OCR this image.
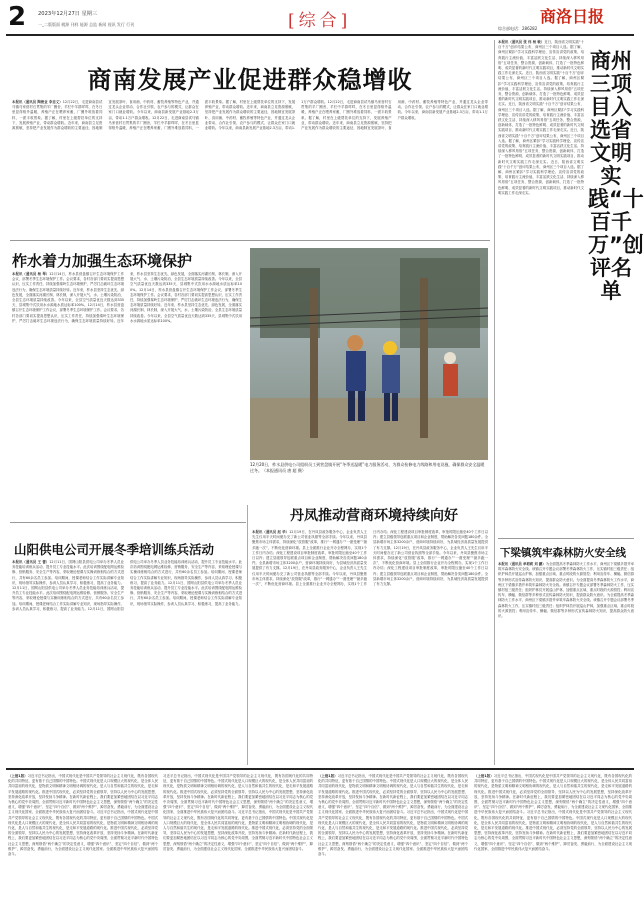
2 2023年12月27日 星期三
一_二版版面 桃源 刊样 能源 总监 新闻 视讯 发行 行刊	[综合]	商洛日报
综合部电话：286282
商南发展产业促进群众稳增收
本报讯（通讯员 陶俊业 李忠义）12月22日，走进商南县试马镇马家营村石贯集的羊厂圈舍，羊栏中羊群咩咩，在冬日里显得格外温暖，养殖户正在喂养家畜，厂圈外堆放着饲料，一派丰收景象。据了解，村里在上级帮扶单位的支持下，发展养殖产业，带动群众增收。近年来，商南县立足资源禀赋，坚持把产业发展作为群众增收的主要途径，因地制宜发展茶叶、食用菌、中药材、畜牧养殖等特色产业，并通过龙头企业带动、合作社引领、农户参与的模式，让群众在家门口就业增收。今年以来，商南县新发展产业基地2.3万亩，带动1.1万户群众增收。12月22日，走进商南县试马镇马家营村石贯集的羊厂圈舍，羊栏中羊群咩咩，在冬日里显得格外温暖，养殖户正在喂养家畜，厂圈外堆放着饲料，一派丰收景象。据了解，村里在上级帮扶单位的支持下，发展养殖产业，带动群众增收。近年来，商南县立足资源禀赋，坚持把产业发展作为群众增收的主要途径，因地制宜发展茶叶、食用菌、中药材、畜牧养殖等特色产业，并通过龙头企业带动、合作社引领、农户参与的模式，让群众在家门口就业增收。今年以来，商南县新发展产业基地2.3万亩，带动1.1万户群众增收。12月22日，走进商南县试马镇马家营村石贯集的羊厂圈舍，羊栏中羊群咩咩，在冬日里显得格外温暖，养殖户正在喂养家畜，厂圈外堆放着饲料，一派丰收景象。据了解，村里在上级帮扶单位的支持下，发展养殖产业，带动群众增收。近年来，商南县立足资源禀赋，坚持把产业发展作为群众增收的主要途径，因地制宜发展茶叶、食用菌、中药材、畜牧养殖等特色产业，并通过龙头企业带动、合作社引领、农户参与的模式，让群众在家门口就业增收。今年以来，商南县新发展产业基地2.3万亩，带动1.1万户群众增收。
本报讯（通讯员 张 伟 杨 敏）近日，陕西省文明实践“十百千万”创评结果公布，商州区三个项目入选。据了解，商州区紧扣“学习实践科学理论、宣传宣讲党的政策、培育践行主流价值、丰富活跃文化生活、持续深入移风易俗”五项任务，整合资源，创新载体，打造了一批特色鲜明、成效显著的新时代文明实践项目，推动新时代文明实践工作走深走实。近日，陕西省文明实践“十百千万”创评结果公布，商州区三个项目入选。据了解，商州区紧扣“学习实践科学理论、宣传宣讲党的政策、培育践行主流价值、丰富活跃文化生活、持续深入移风易俗”五项任务，整合资源，创新载体，打造了一批特色鲜明、成效显著的新时代文明实践项目，推动新时代文明实践工作走深走实。近日，陕西省文明实践“十百千万”创评结果公布，商州区三个项目入选。据了解，商州区紧扣“学习实践科学理论、宣传宣讲党的政策、培育践行主流价值、丰富活跃文化生活、持续深入移风易俗”五项任务，整合资源，创新载体，打造了一批特色鲜明、成效显著的新时代文明实践项目，推动新时代文明实践工作走深走实。近日，陕西省文明实践“十百千万”创评结果公布，商州区三个项目入选。据了解，商州区紧扣“学习实践科学理论、宣传宣讲党的政策、培育践行主流价值、丰富活跃文化生活、持续深入移风易俗”五项任务，整合资源，创新载体，打造了一批特色鲜明、成效显著的新时代文明实践项目，推动新时代文明实践工作走深走实。近日，陕西省文明实践“十百千万”创评结果公布，商州区三个项目入选。据了解，商州区紧扣“学习实践科学理论、宣传宣讲党的政策、培育践行主流价值、丰富活跃文化生活、持续深入移风易俗”五项任务，整合资源，创新载体，打造了一批特色鲜明、成效显著的新时代文明实践项目，推动新时代文明实践工作走深走实。
商州三项目入选省文明实践“十百千万”创评名单
柞水着力加强生态环境保护
本报讯（通讯员 杨 琴）12月14日，柞水县营盘镇召开生态环境保护工作会议，部署冬季生态环境保护工作。会议要求，各村各部门要切实提高思想认识，压实工作责任，持续加强秦岭生态环境保护，严厉打击破坏生态环境违法行为，确保生态环境质量持续好转。近年来，柞水县坚持生态优先、绿色发展，全面落实河湖长制、林长制，深入开展大气、水、土壤污染防治，全县生态环境质量持续改善。今年以来，全县空气质量优良天数达到335天，县城集中式饮用水水源地水质达标率100%。12月14日，柞水县营盘镇召开生态环境保护工作会议，部署冬季生态环境保护工作。会议要求，各村各部门要切实提高思想认识，压实工作责任，持续加强秦岭生态环境保护，严厉打击破坏生态环境违法行为，确保生态环境质量持续好转。近年来，柞水县坚持生态优先、绿色发展，全面落实河湖长制、林长制，深入开展大气、水、土壤污染防治，全县生态环境质量持续改善。今年以来，全县空气质量优良天数达到335天，县城集中式饮用水水源地水质达标率100%。12月14日，柞水县营盘镇召开生态环境保护工作会议，部署冬季生态环境保护工作。会议要求，各村各部门要切实提高思想认识，压实工作责任，持续加强秦岭生态环境保护，严厉打击破坏生态环境违法行为，确保生态环境质量持续好转。近年来，柞水县坚持生态优先、绿色发展，全面落实河湖长制、林长制，深入开展大气、水、土壤污染防治，全县生态环境质量持续改善。今年以来，全县空气质量优良天数达到335天，县城集中式饮用水水源地水质达标率100%。
12月20日，柞水县供电公司组织员工到营盘镇开展“冬季送温暖”电力服务活动，为群众检修电力线路和用电设施，确保群众安全温暖过冬。（本报通讯员 唐 超 摄）
山阳供电公司开展冬季培训练兵活动
本报讯（通讯员 王 蕾）12月11日，国网山阳县供电公司举办冬季人员业务技能培训练兵活动，提升员工专业技能水平。此次培训围绕配电网运维检修、营销服务、安全生产等内容，采取理论授课与实操训练相结合的方式进行，共有60余名员工参加。培训期间，授课老师结合工作实际讲解专业知识，现场指导实际操作，参训人员认真学习、积极练习，提高了业务能力。12月11日，国网山阳县供电公司举办冬季人员业务技能培训练兵活动，提升员工专业技能水平。此次培训围绕配电网运维检修、营销服务、安全生产等内容，采取理论授课与实操训练相结合的方式进行，共有60余名员工参加。培训期间，授课老师结合工作实际讲解专业知识，现场指导实际操作，参训人员认真学习、积极练习，提高了业务能力。12月11日，国网山阳县供电公司举办冬季人员业务技能培训练兵活动，提升员工专业技能水平。此次培训围绕配电网运维检修、营销服务、安全生产等内容，采取理论授课与实操训练相结合的方式进行，共有60余名员工参加。培训期间，授课老师结合工作实际讲解专业知识，现场指导实际操作，参训人员认真学习、积极练习，提高了业务能力。12月11日，国网山阳县供电公司举办冬季人员业务技能培训练兵活动，提升员工专业技能水平。此次培训围绕配电网运维检修、营销服务、安全生产等内容，采取理论授课与实操训练相结合的方式进行，共有60余名员工参加。培训期间，授课老师结合工作实际讲解专业知识，现场指导实际操作，参训人员认真学习、积极练习，提高了业务能力。
丹凤推动营商环境持续向好
本报讯（通讯员 赵 华）12月19日，在丹凤县政务服务中心，企业负责人王先生仅用半天时间便办完了新公司营业执照等全部手续。今年以来，丹凤县聚焦市场主体需求，持续深化“放管服”改革，推行“一网通办”“一窗受理”“最多跑一次”，不断优化营商环境。县上全面推行企业开办全程网办，实现1个工作日内办结；深化工程建设项目审批制度改革，审批时限压缩至40个工作日以内；建立县级领导包联重点项目和企业制度，帮助解决各类问题180余件。全县新增市场主体3200余户，营商环境持续向好，为县域经济高质量发展提供了有力支撑。12月19日，在丹凤县政务服务中心，企业负责人王先生仅用半天时间便办完了新公司营业执照等全部手续。今年以来，丹凤县聚焦市场主体需求，持续深化“放管服”改革，推行“一网通办”“一窗受理”“最多跑一次”，不断优化营商环境。县上全面推行企业开办全程网办，实现1个工作日内办结；深化工程建设项目审批制度改革，审批时限压缩至40个工作日以内；建立县级领导包联重点项目和企业制度，帮助解决各类问题180余件。全县新增市场主体3200余户，营商环境持续向好，为县域经济高质量发展提供了有力支撑。12月19日，在丹凤县政务服务中心，企业负责人王先生仅用半天时间便办完了新公司营业执照等全部手续。今年以来，丹凤县聚焦市场主体需求，持续深化“放管服”改革，推行“一网通办”“一窗受理”“最多跑一次”，不断优化营商环境。县上全面推行企业开办全程网办，实现1个工作日内办结；深化工程建设项目审批制度改革，审批时限压缩至40个工作日以内；建立县级领导包联重点项目和企业制度，帮助解决各类问题180余件。全县新增市场主体3200余户，营商环境持续向好，为县域经济高质量发展提供了有力支撑。
下梁镇筑牢森林防火安全线
本报讯（通讯员 单莉莉 刘 鹏）为全面提高冬季森林防火工作水平，商州区下梁镇多措并举筑牢森林防火安全线。该镇召开专题会议部署冬季森林防火工作，压实镇村组三级责任；组织护林员开展巡山护林，加强重点区域、重点时段的火源管控；利用宣传车、横幅、微信群等多种形式宣传森林防火知识，提高群众防火意识。为全面提高冬季森林防火工作水平，商州区下梁镇多措并举筑牢森林防火安全线。该镇召开专题会议部署冬季森林防火工作，压实镇村组三级责任；组织护林员开展巡山护林，加强重点区域、重点时段的火源管控；利用宣传车、横幅、微信群等多种形式宣传森林防火知识，提高群众防火意识。为全面提高冬季森林防火工作水平，商州区下梁镇多措并举筑牢森林防火安全线。该镇召开专题会议部署冬季森林防火工作，压实镇村组三级责任；组织护林员开展巡山护林，加强重点区域、重点时段的火源管控；利用宣传车、横幅、微信群等多种形式宣传森林防火知识，提高群众防火意识。
（上接1版）习近平总书记指出，中国式现代化是中国共产党领导的社会主义现代化，既有各国现代化的共同特征，更有基于自己国情的中国特色。中国式现代化是人口规模巨大的现代化，是全体人民共同富裕的现代化，是物质文明和精神文明相协调的现代化，是人与自然和谐共生的现代化，是走和平发展道路的现代化。推进中国式现代化，必须坚持党的全面领导，坚持以人民为中心的发展思想，坚持深化改革开放，坚持发扬斗争精神。在新时代新征程上，我们要更加紧密地团结在以习近平同志为核心的党中央周围，全面贯彻习近平新时代中国特色社会主义思想，深刻领悟“两个确立”的决定性意义，增强“四个意识”、坚定“四个自信”、做到“两个维护”，踔厉奋发、勇毅前行，为全面建设社会主义现代化国家、全面推进中华民族伟大复兴而团结奋斗。习近平总书记指出，中国式现代化是中国共产党领导的社会主义现代化，既有各国现代化的共同特征，更有基于自己国情的中国特色。中国式现代化是人口规模巨大的现代化，是全体人民共同富裕的现代化，是物质文明和精神文明相协调的现代化，是人与自然和谐共生的现代化，是走和平发展道路的现代化。推进中国式现代化，必须坚持党的全面领导，坚持以人民为中心的发展思想，坚持深化改革开放，坚持发扬斗争精神。在新时代新征程上，我们要更加紧密地团结在以习近平同志为核心的党中央周围，全面贯彻习近平新时代中国特色社会主义思想，深刻领悟“两个确立”的决定性意义，增强“四个意识”、坚定“四个自信”、做到“两个维护”，踔厉奋发、勇毅前行，为全面建设社会主义现代化国家、全面推进中华民族伟大复兴而团结奋斗。
习近平总书记指出，中国式现代化是中国共产党领导的社会主义现代化，既有各国现代化的共同特征，更有基于自己国情的中国特色。中国式现代化是人口规模巨大的现代化，是全体人民共同富裕的现代化，是物质文明和精神文明相协调的现代化，是人与自然和谐共生的现代化，是走和平发展道路的现代化。推进中国式现代化，必须坚持党的全面领导，坚持以人民为中心的发展思想，坚持深化改革开放，坚持发扬斗争精神。在新时代新征程上，我们要更加紧密地团结在以习近平同志为核心的党中央周围，全面贯彻习近平新时代中国特色社会主义思想，深刻领悟“两个确立”的决定性意义，增强“四个意识”、坚定“四个自信”、做到“两个维护”，踔厉奋发、勇毅前行，为全面建设社会主义现代化国家、全面推进中华民族伟大复兴而团结奋斗。习近平总书记指出，中国式现代化是中国共产党领导的社会主义现代化，既有各国现代化的共同特征，更有基于自己国情的中国特色。中国式现代化是人口规模巨大的现代化，是全体人民共同富裕的现代化，是物质文明和精神文明相协调的现代化，是人与自然和谐共生的现代化，是走和平发展道路的现代化。推进中国式现代化，必须坚持党的全面领导，坚持以人民为中心的发展思想，坚持深化改革开放，坚持发扬斗争精神。在新时代新征程上，我们要更加紧密地团结在以习近平同志为核心的党中央周围，全面贯彻习近平新时代中国特色社会主义思想，深刻领悟“两个确立”的决定性意义，增强“四个意识”、坚定“四个自信”、做到“两个维护”，踔厉奋发、勇毅前行，为全面建设社会主义现代化国家、全面推进中华民族伟大复兴而团结奋斗。
（上接1版）习近平总书记指出，中国式现代化是中国共产党领导的社会主义现代化，既有各国现代化的共同特征，更有基于自己国情的中国特色。中国式现代化是人口规模巨大的现代化，是全体人民共同富裕的现代化，是物质文明和精神文明相协调的现代化，是人与自然和谐共生的现代化，是走和平发展道路的现代化。推进中国式现代化，必须坚持党的全面领导，坚持以人民为中心的发展思想，坚持深化改革开放，坚持发扬斗争精神。在新时代新征程上，我们要更加紧密地团结在以习近平同志为核心的党中央周围，全面贯彻习近平新时代中国特色社会主义思想，深刻领悟“两个确立”的决定性意义，增强“四个意识”、坚定“四个自信”、做到“两个维护”，踔厉奋发、勇毅前行，为全面建设社会主义现代化国家、全面推进中华民族伟大复兴而团结奋斗。习近平总书记指出，中国式现代化是中国共产党领导的社会主义现代化，既有各国现代化的共同特征，更有基于自己国情的中国特色。中国式现代化是人口规模巨大的现代化，是全体人民共同富裕的现代化，是物质文明和精神文明相协调的现代化，是人与自然和谐共生的现代化，是走和平发展道路的现代化。推进中国式现代化，必须坚持党的全面领导，坚持以人民为中心的发展思想，坚持深化改革开放，坚持发扬斗争精神。在新时代新征程上，我们要更加紧密地团结在以习近平同志为核心的党中央周围，全面贯彻习近平新时代中国特色社会主义思想，深刻领悟“两个确立”的决定性意义，增强“四个意识”、坚定“四个自信”、做到“两个维护”，踔厉奋发、勇毅前行，为全面建设社会主义现代化国家、全面推进中华民族伟大复兴而团结奋斗。
（上接1版）习近平总书记指出，中国式现代化是中国共产党领导的社会主义现代化，既有各国现代化的共同特征，更有基于自己国情的中国特色。中国式现代化是人口规模巨大的现代化，是全体人民共同富裕的现代化，是物质文明和精神文明相协调的现代化，是人与自然和谐共生的现代化，是走和平发展道路的现代化。推进中国式现代化，必须坚持党的全面领导，坚持以人民为中心的发展思想，坚持深化改革开放，坚持发扬斗争精神。在新时代新征程上，我们要更加紧密地团结在以习近平同志为核心的党中央周围，全面贯彻习近平新时代中国特色社会主义思想，深刻领悟“两个确立”的决定性意义，增强“四个意识”、坚定“四个自信”、做到“两个维护”，踔厉奋发、勇毅前行，为全面建设社会主义现代化国家、全面推进中华民族伟大复兴而团结奋斗。习近平总书记指出，中国式现代化是中国共产党领导的社会主义现代化，既有各国现代化的共同特征，更有基于自己国情的中国特色。中国式现代化是人口规模巨大的现代化，是全体人民共同富裕的现代化，是物质文明和精神文明相协调的现代化，是人与自然和谐共生的现代化，是走和平发展道路的现代化。推进中国式现代化，必须坚持党的全面领导，坚持以人民为中心的发展思想，坚持深化改革开放，坚持发扬斗争精神。在新时代新征程上，我们要更加紧密地团结在以习近平同志为核心的党中央周围，全面贯彻习近平新时代中国特色社会主义思想，深刻领悟“两个确立”的决定性意义，增强“四个意识”、坚定“四个自信”、做到“两个维护”，踔厉奋发、勇毅前行，为全面建设社会主义现代化国家、全面推进中华民族伟大复兴而团结奋斗。
